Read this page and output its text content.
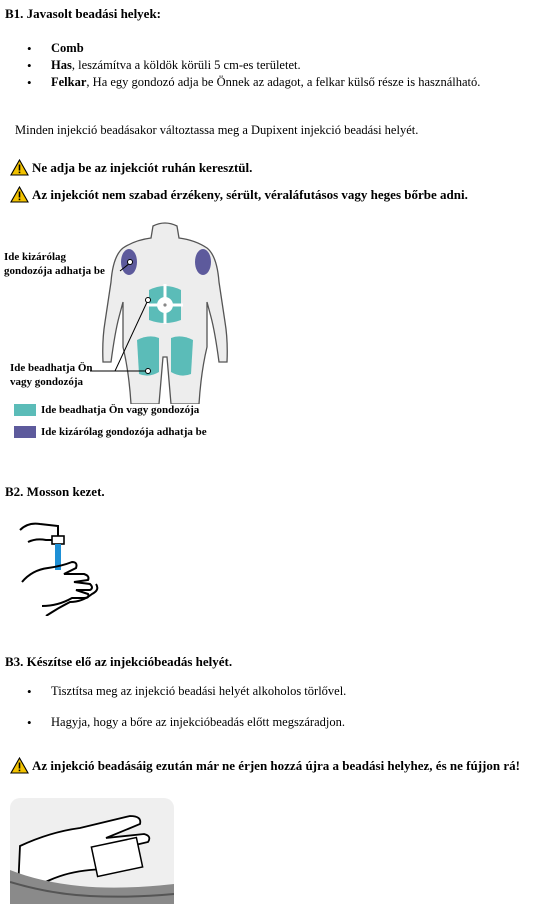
B1. Javasolt beadási helyek:
• Comb
• Has, leszámítva a köldök körüli 5 cm-es területet.
• Felkar, Ha egy gondozó adja be Önnek az adagot, a felkar külső része is használható.
Minden injekció beadásakor változtassa meg a Dupixent injekció beadási helyét.
Ne adja be az injekciót ruhán keresztül.
Az injekciót nem szabad érzékeny, sérült, véraláfutásos vagy heges bőrbe adni.
Ide kizárólag
gondozója adhatja be
Ide beadhatja Ön
vagy gondozója
Ide beadhatja Ön vagy gondozója
Ide kizárólag gondozója adhatja be
B2. Mosson kezet.
B3. Készítse elő az injekcióbeadás helyét.
• Tisztítsa meg az injekció beadási helyét alkoholos törlővel.
• Hagyja, hogy a bőre az injekcióbeadás előtt megszáradjon.
Az injekció beadásáig ezután már ne érjen hozzá újra a beadási helyhez, és ne fújjon rá!
